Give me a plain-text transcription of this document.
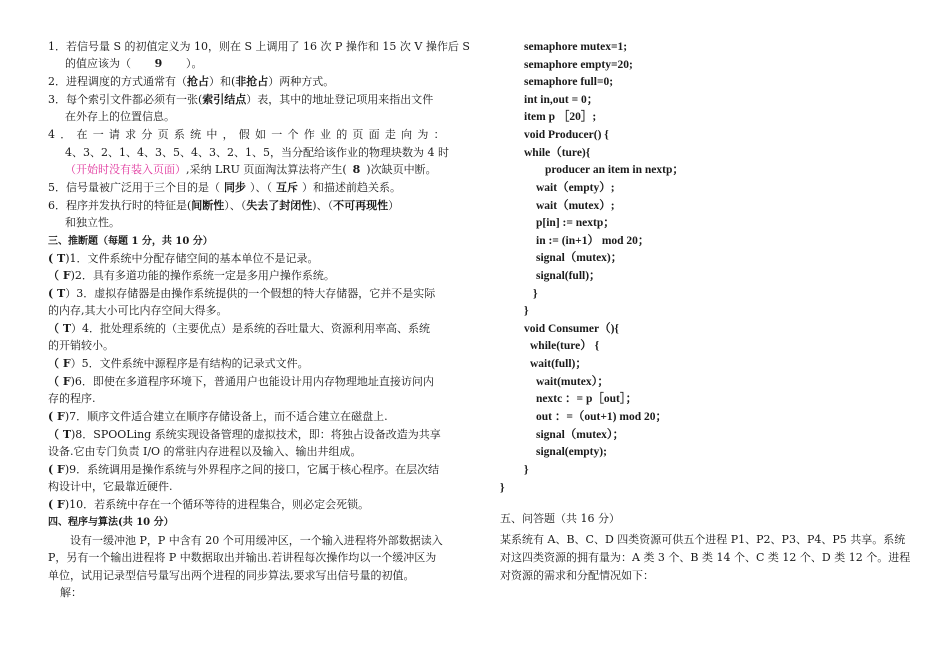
1．若信号量 S 的初值定义为 10，则在 S 上调用了 16 次 P 操作和 15 次 V 操作后 S
的值应该为（ 9 ）。
2．进程调度的方式通常有（抢占）和(非抢占）两种方式。
3．每个索引文件都必须有一张(索引结点）表，其中的地址登记项用来指出文件
在外存上的位置信息。
4．在一请求分页系统中，假如一个作业的页面走向为：
4、3、2、1、4、3、5、4、3、2、1、5，当分配给该作业的物理块数为 4 时
（开始时没有装入页面）,采纳 LRU 页面淘汰算法将产生( 8 )次缺页中断。
5．信号量被广泛用于三个目的是（ 同步 ）、（ 互斥 ）和描述前趋关系。
6．程序并发执行时的特征是(间断性）、（失去了封闭性)、（不可再现性）
和独立性。
三、推断题（每题 1 分，共 10 分）
( T)1．文件系统中分配存储空间的基本单位不是记录。
（ F)2．具有多道功能的操作系统一定是多用户操作系统。
( T）3．虚拟存储器是由操作系统提供的一个假想的特大存储器，它并不是实际
的内存,其大小可比内存空间大得多。
（ T）4．批处理系统的（主要优点）是系统的吞吐量大、资源利用率高、系统
的开销较小。
（ F）5．文件系统中源程序是有结构的记录式文件。
（ F)6．即使在多道程序环境下，普通用户也能设计用内存物理地址直接访问内
存的程序.
( F)7．顺序文件适合建立在顺序存储设备上，而不适合建立在磁盘上.
（ T)8．SPOOLing 系统实现设备管理的虚拟技术，即：将独占设备改造为共享
设备.它由专门负责 I/O 的常驻内存进程以及输入、输出井组成。
( F)9．系统调用是操作系统与外界程序之间的接口，它属于核心程序。在层次结
构设计中，它最靠近硬件.
( F)10．若系统中存在一个循环等待的进程集合，则必定会死锁。
四、程序与算法(共 10 分）
设有一缓冲池 P，P 中含有 20 个可用缓冲区，一个输入进程将外部数据读入
P，另有一个输出进程将 P 中数据取出并输出.若讲程每次操作均以一个缓冲区为
单位，试用记录型信号量写出两个进程的同步算法,要求写出信号量的初值。
解：
semaphore mutex=1;
semaphore empty=20;
semaphore full=0;
int in,out = 0；
item p ［20］;
void Producer() {
while（ture){
producer an item in nextp；
wait（empty）;
wait（mutex）;
p[in] := nextp；
in := (in+1） mod 20；
signal（mutex)；
signal(full)；
}
}
void Consumer（){
while(ture） {
wait(full)；
wait(mutex）；
nextc ：= p［out］；
out ：=（out+1) mod 20；
signal（mutex）；
signal(empty);
}
}
五、问答题（共 16 分）
某系统有 A、B、C、D 四类资源可供五个进程 P1、P2、P3、P4、P5 共享。系统
对这四类资源的拥有量为：A 类 3 个、B 类 14 个、C 类 12 个、D 类 12 个。进程
对资源的需求和分配情况如下：
